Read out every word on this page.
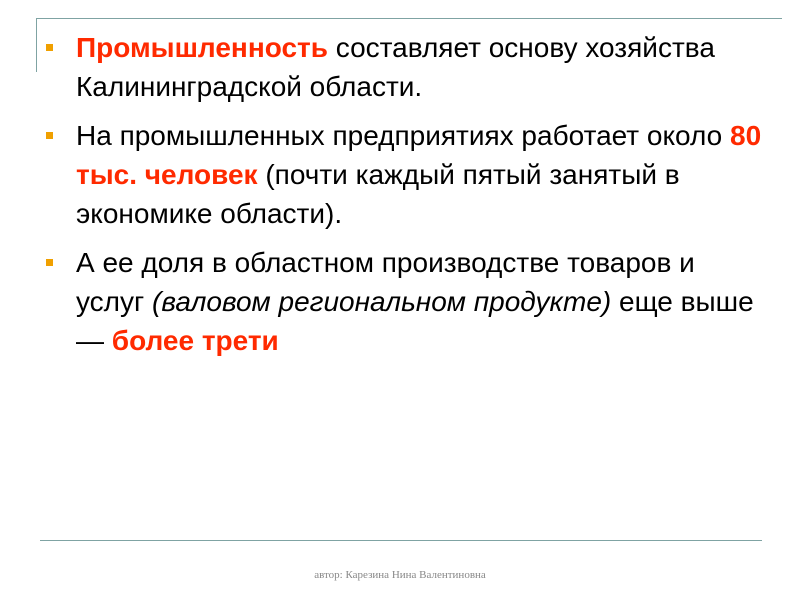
Промышленность составляет основу хозяйства Калининградской области.
На промышленных предприятиях работает около 80 тыс. человек (почти каждый пятый занятый в экономике области).
А ее доля в областном производстве товаров и услуг (валовом региональном продукте) еще выше — более трети
автор: Карезина Нина Валентиновна
